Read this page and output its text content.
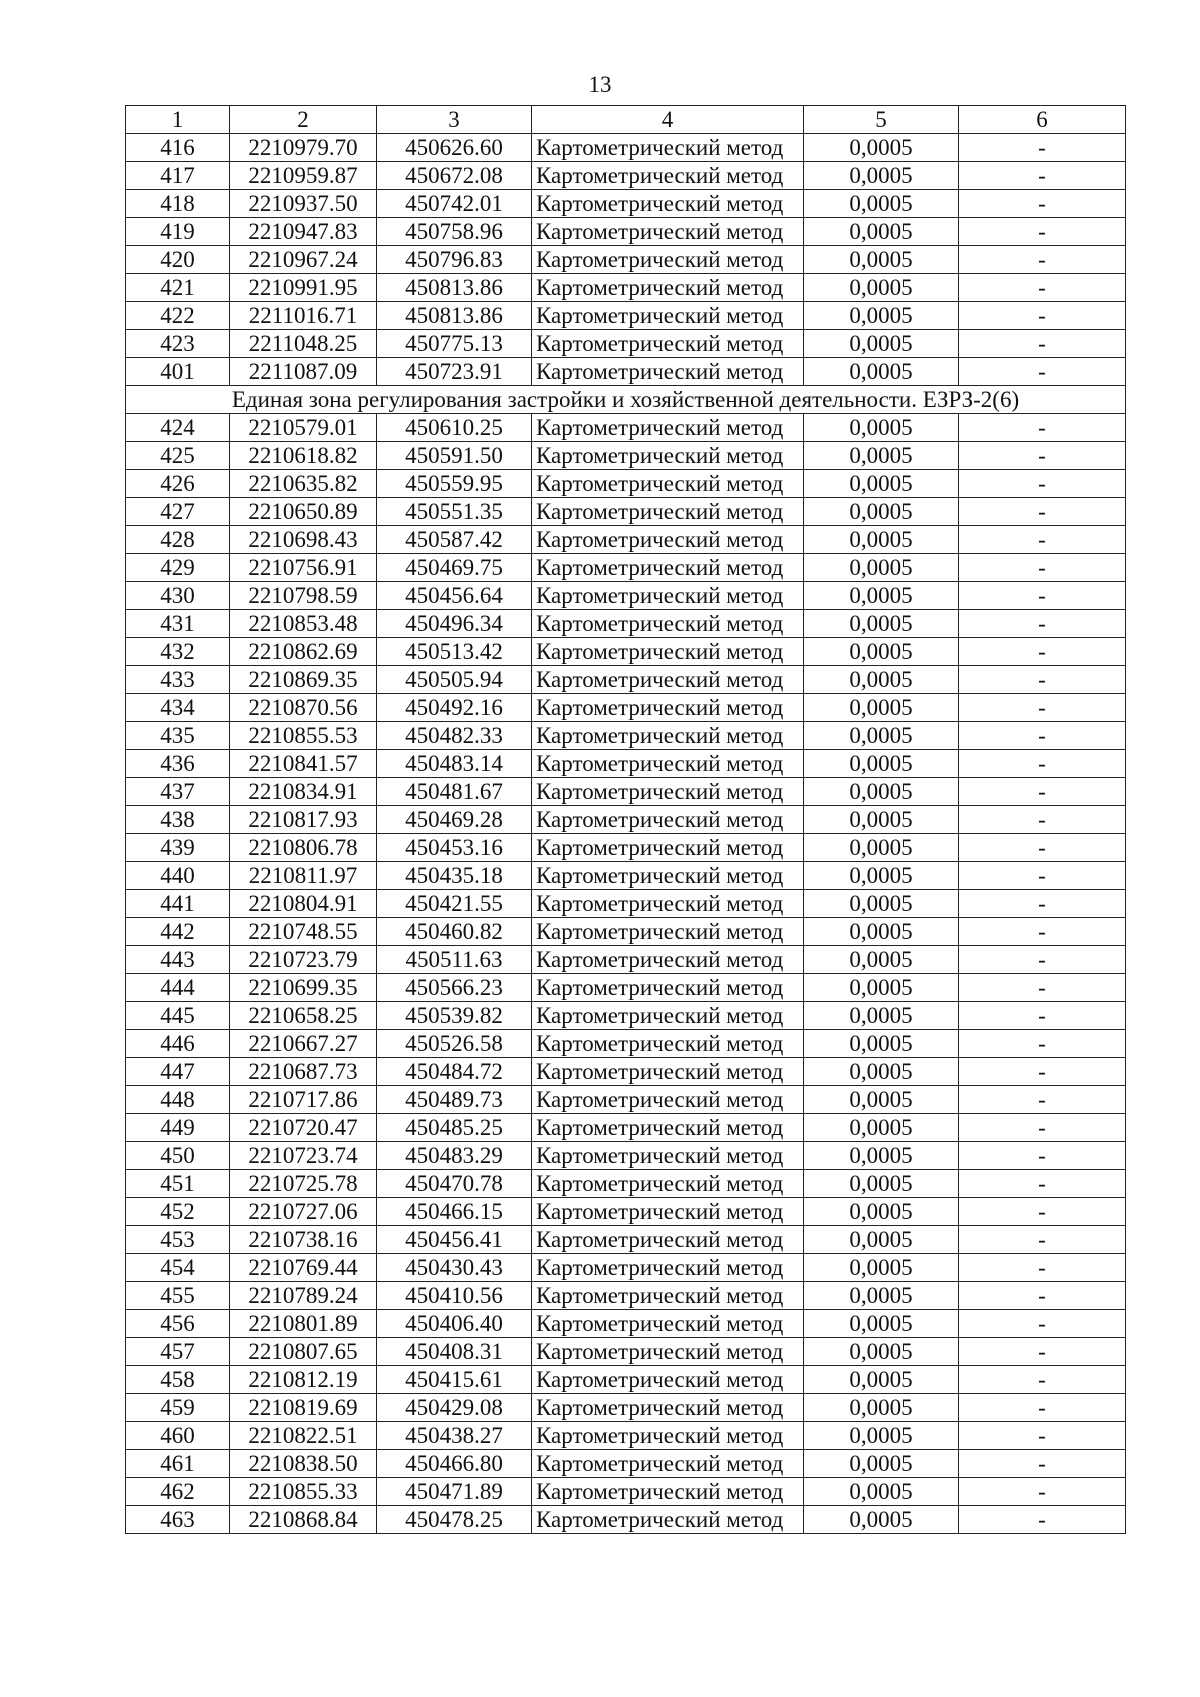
13
1	2	3	4	5	6
416	2210979.70	450626.60	Картометрический метод	0,0005	-
417	2210959.87	450672.08	Картометрический метод	0,0005	-
418	2210937.50	450742.01	Картометрический метод	0,0005	-
419	2210947.83	450758.96	Картометрический метод	0,0005	-
420	2210967.24	450796.83	Картометрический метод	0,0005	-
421	2210991.95	450813.86	Картометрический метод	0,0005	-
422	2211016.71	450813.86	Картометрический метод	0,0005	-
423	2211048.25	450775.13	Картометрический метод	0,0005	-
401	2211087.09	450723.91	Картометрический метод	0,0005	-
Единая зона регулирования застройки и хозяйственной деятельности. ЕЗРЗ-2(6)					
424	2210579.01	450610.25	Картометрический метод	0,0005	-
425	2210618.82	450591.50	Картометрический метод	0,0005	-
426	2210635.82	450559.95	Картометрический метод	0,0005	-
427	2210650.89	450551.35	Картометрический метод	0,0005	-
428	2210698.43	450587.42	Картометрический метод	0,0005	-
429	2210756.91	450469.75	Картометрический метод	0,0005	-
430	2210798.59	450456.64	Картометрический метод	0,0005	-
431	2210853.48	450496.34	Картометрический метод	0,0005	-
432	2210862.69	450513.42	Картометрический метод	0,0005	-
433	2210869.35	450505.94	Картометрический метод	0,0005	-
434	2210870.56	450492.16	Картометрический метод	0,0005	-
435	2210855.53	450482.33	Картометрический метод	0,0005	-
436	2210841.57	450483.14	Картометрический метод	0,0005	-
437	2210834.91	450481.67	Картометрический метод	0,0005	-
438	2210817.93	450469.28	Картометрический метод	0,0005	-
439	2210806.78	450453.16	Картометрический метод	0,0005	-
440	2210811.97	450435.18	Картометрический метод	0,0005	-
441	2210804.91	450421.55	Картометрический метод	0,0005	-
442	2210748.55	450460.82	Картометрический метод	0,0005	-
443	2210723.79	450511.63	Картометрический метод	0,0005	-
444	2210699.35	450566.23	Картометрический метод	0,0005	-
445	2210658.25	450539.82	Картометрический метод	0,0005	-
446	2210667.27	450526.58	Картометрический метод	0,0005	-
447	2210687.73	450484.72	Картометрический метод	0,0005	-
448	2210717.86	450489.73	Картометрический метод	0,0005	-
449	2210720.47	450485.25	Картометрический метод	0,0005	-
450	2210723.74	450483.29	Картометрический метод	0,0005	-
451	2210725.78	450470.78	Картометрический метод	0,0005	-
452	2210727.06	450466.15	Картометрический метод	0,0005	-
453	2210738.16	450456.41	Картометрический метод	0,0005	-
454	2210769.44	450430.43	Картометрический метод	0,0005	-
455	2210789.24	450410.56	Картометрический метод	0,0005	-
456	2210801.89	450406.40	Картометрический метод	0,0005	-
457	2210807.65	450408.31	Картометрический метод	0,0005	-
458	2210812.19	450415.61	Картометрический метод	0,0005	-
459	2210819.69	450429.08	Картометрический метод	0,0005	-
460	2210822.51	450438.27	Картометрический метод	0,0005	-
461	2210838.50	450466.80	Картометрический метод	0,0005	-
462	2210855.33	450471.89	Картометрический метод	0,0005	-
463	2210868.84	450478.25	Картометрический метод	0,0005	-
